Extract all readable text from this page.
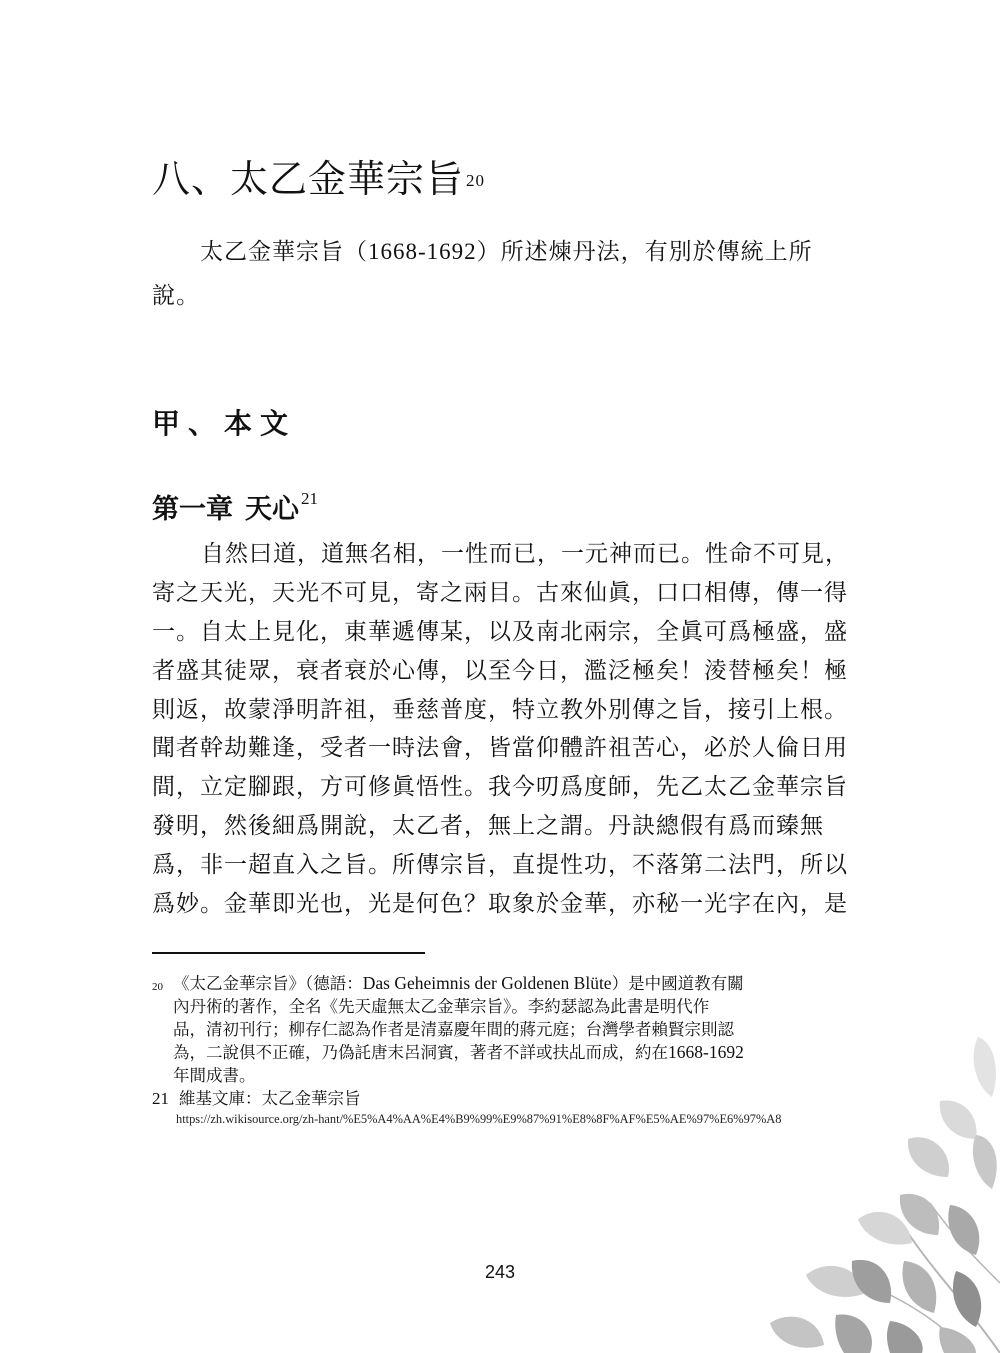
八、太乙金華宗旨 $^{20}$
太乙金華宗旨（1668-1692）所述煉丹法，有別於傳統上所
說。
甲、本文
第一章 天心 $^{21}$
自然曰道，道無名相，一性而已，一元神而已。性命不可見，
寄之天光，天光不可見，寄之兩目。古來仙眞，口口相傳，傳一得
一。自太上見化，東華遞傳某，以及南北兩宗，全眞可爲極盛，盛
者盛其徒眾，衰者衰於心傳，以至今日，濫泛極矣！淩替極矣！極
則返，故蒙淨明許祖，垂慈普度，特立教外別傳之旨，接引上根。
聞者幹劫難逢，受者一時法會，皆當仰體許祖苦心，必於人倫日用
間，立定腳跟，方可修眞悟性。我今叨爲度師，先乙太乙金華宗旨
發明，然後細爲開說，太乙者，無上之謂。丹訣總假有爲而臻無
爲，非一超直入之旨。所傳宗旨，直提性功，不落第二法門，所以
爲妙。金華即光也，光是何色？取象於金華，亦秘一光字在內，是
20 《太乙金華宗旨》（德語：Das Geheimnis der Goldenen Blüte）是中國道教有關
內丹術的著作，全名《先天虛無太乙金華宗旨》。李約瑟認為此書是明代作
品，清初刊行；柳存仁認為作者是清嘉慶年間的蔣元庭；台灣學者賴賢宗則認
為，二說俱不正確，乃偽託唐末呂洞賓，著者不詳或扶乩而成，約在1668-1692
年間成書。
21 維基文庫：太乙金華宗旨
https://zh.wikisource.org/zh-hant/%E5%A4%AA%E4%B9%99%E9%87%91%E8%8F%AF%E5%AE%97%E6%97%A8
243
